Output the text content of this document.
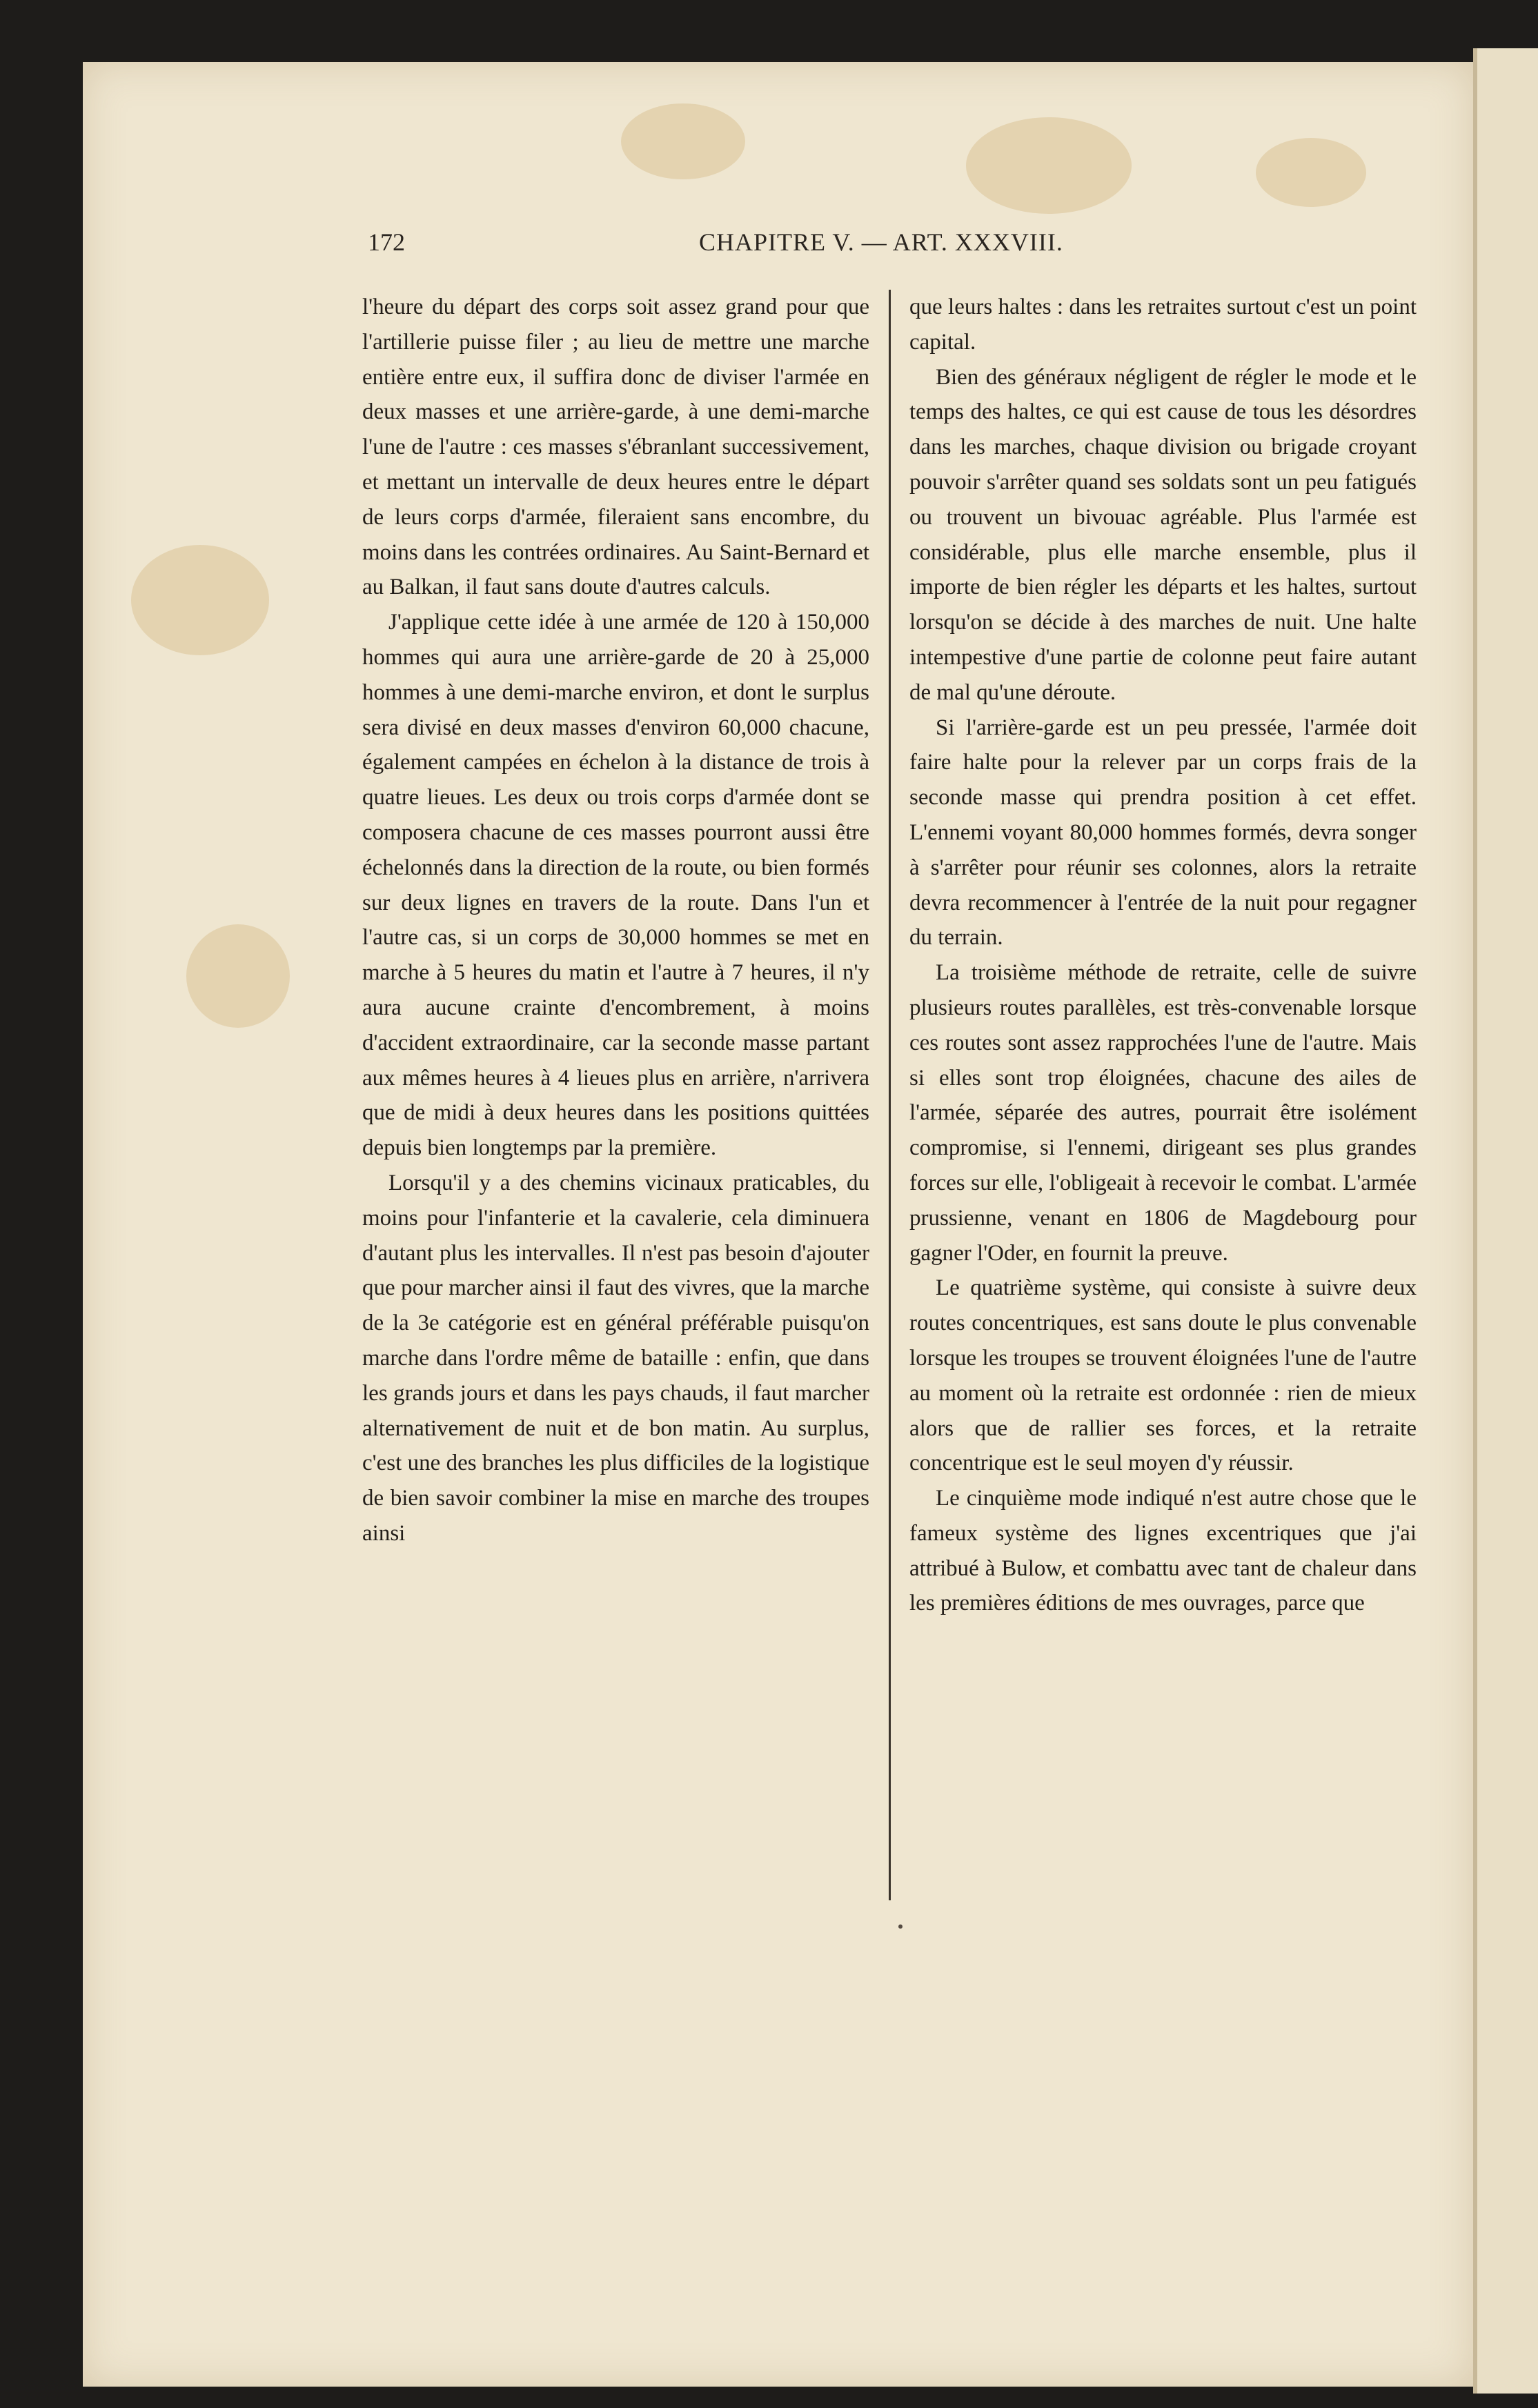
172	CHAPITRE V. — ART. XXXVIII.

l'heure du départ des corps soit assez grand pour que l'artillerie puisse filer ; au lieu de mettre une marche entière entre eux, il suffira donc de diviser l'armée en deux masses et une arrière-garde, à une demi-marche l'une de l'autre : ces masses s'ébranlant successivement, et mettant un intervalle de deux heures entre le départ de leurs corps d'armée, fileraient sans encombre, du moins dans les contrées ordinaires. Au Saint-Bernard et au Balkan, il faut sans doute d'autres calculs.

J'applique cette idée à une armée de 120 à 150,000 hommes qui aura une arrière-garde de 20 à 25,000 hommes à une demi-marche environ, et dont le surplus sera divisé en deux masses d'environ 60,000 chacune, également campées en échelon à la distance de trois à quatre lieues. Les deux ou trois corps d'armée dont se composera chacune de ces masses pourront aussi être échelonnés dans la direction de la route, ou bien formés sur deux lignes en travers de la route. Dans l'un et l'autre cas, si un corps de 30,000 hommes se met en marche à 5 heures du matin et l'autre à 7 heures, il n'y aura aucune crainte d'encombrement, à moins d'accident extraordinaire, car la seconde masse partant aux mêmes heures à 4 lieues plus en arrière, n'arrivera que de midi à deux heures dans les positions quittées depuis bien longtemps par la première.

Lorsqu'il y a des chemins vicinaux praticables, du moins pour l'infanterie et la cavalerie, cela diminuera d'autant plus les intervalles. Il n'est pas besoin d'ajouter que pour marcher ainsi il faut des vivres, que la marche de la 3e catégorie est en général préférable puisqu'on marche dans l'ordre même de bataille : enfin, que dans les grands jours et dans les pays chauds, il faut marcher alternativement de nuit et de bon matin. Au surplus, c'est une des branches les plus difficiles de la logistique de bien savoir combiner la mise en marche des troupes ainsi

que leurs haltes : dans les retraites surtout c'est un point capital.

Bien des généraux négligent de régler le mode et le temps des haltes, ce qui est cause de tous les désordres dans les marches, chaque division ou brigade croyant pouvoir s'arrêter quand ses soldats sont un peu fatigués ou trouvent un bivouac agréable. Plus l'armée est considérable, plus elle marche ensemble, plus il importe de bien régler les départs et les haltes, surtout lorsqu'on se décide à des marches de nuit. Une halte intempestive d'une partie de colonne peut faire autant de mal qu'une déroute.

Si l'arrière-garde est un peu pressée, l'armée doit faire halte pour la relever par un corps frais de la seconde masse qui prendra position à cet effet. L'ennemi voyant 80,000 hommes formés, devra songer à s'arrêter pour réunir ses colonnes, alors la retraite devra recommencer à l'entrée de la nuit pour regagner du terrain.

La troisième méthode de retraite, celle de suivre plusieurs routes parallèles, est très-convenable lorsque ces routes sont assez rapprochées l'une de l'autre. Mais si elles sont trop éloignées, chacune des ailes de l'armée, séparée des autres, pourrait être isolément compromise, si l'ennemi, dirigeant ses plus grandes forces sur elle, l'obligeait à recevoir le combat. L'armée prussienne, venant en 1806 de Magdebourg pour gagner l'Oder, en fournit la preuve.

Le quatrième système, qui consiste à suivre deux routes concentriques, est sans doute le plus convenable lorsque les troupes se trouvent éloignées l'une de l'autre au moment où la retraite est ordonnée : rien de mieux alors que de rallier ses forces, et la retraite concentrique est le seul moyen d'y réussir.

Le cinquième mode indiqué n'est autre chose que le fameux système des lignes excentriques que j'ai attribué à Bulow, et combattu avec tant de chaleur dans les premières éditions de mes ouvrages, parce que
